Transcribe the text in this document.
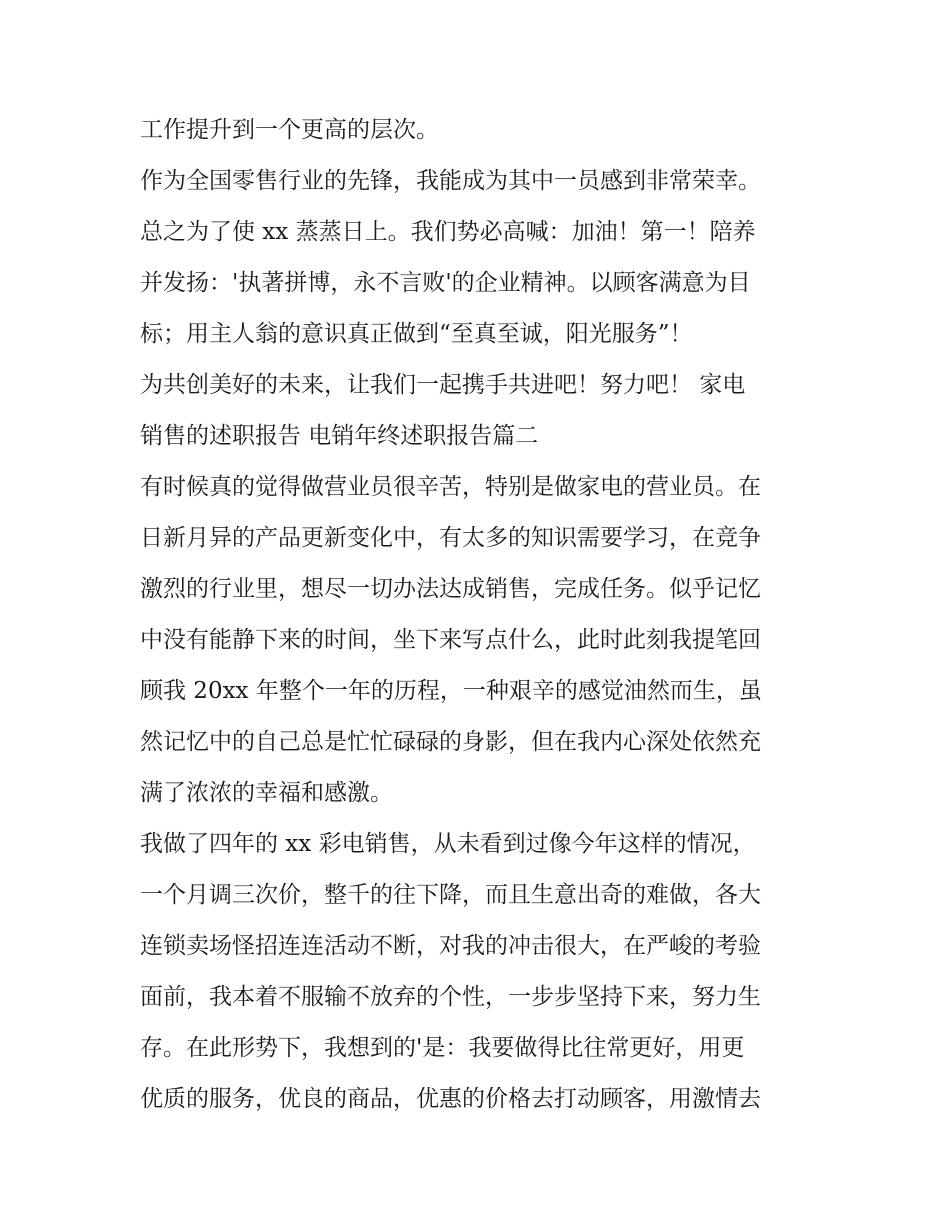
工作提升到一个更高的层次。
作为全国零售行业的先锋，我能成为其中一员感到非常荣幸。
总之为了使 xx 蒸蒸日上。我们势必高喊：加油！第一！陪养
并发扬：'执著拼博，永不言败'的企业精神。以顾客满意为目
标；用主人翁的意识真正做到“至真至诚，阳光服务”！
为共创美好的未来，让我们一起携手共进吧！努力吧！ 家电
销售的述职报告 电销年终述职报告篇二
有时候真的觉得做营业员很辛苦，特别是做家电的营业员。在
日新月异的产品更新变化中，有太多的知识需要学习，在竞争
激烈的行业里，想尽一切办法达成销售，完成任务。似乎记忆
中没有能静下来的时间，坐下来写点什么，此时此刻我提笔回
顾我 20xx 年整个一年的历程，一种艰辛的感觉油然而生，虽
然记忆中的自己总是忙忙碌碌的身影，但在我内心深处依然充
满了浓浓的幸福和感激。
我做了四年的 xx 彩电销售，从未看到过像今年这样的情况，
一个月调三次价，整千的往下降，而且生意出奇的难做，各大
连锁卖场怪招连连活动不断，对我的冲击很大，在严峻的考验
面前，我本着不服输不放弃的个性，一步步坚持下来，努力生
存。在此形势下，我想到的'是：我要做得比往常更好，用更
优质的服务，优良的商品，优惠的价格去打动顾客，用激情去
